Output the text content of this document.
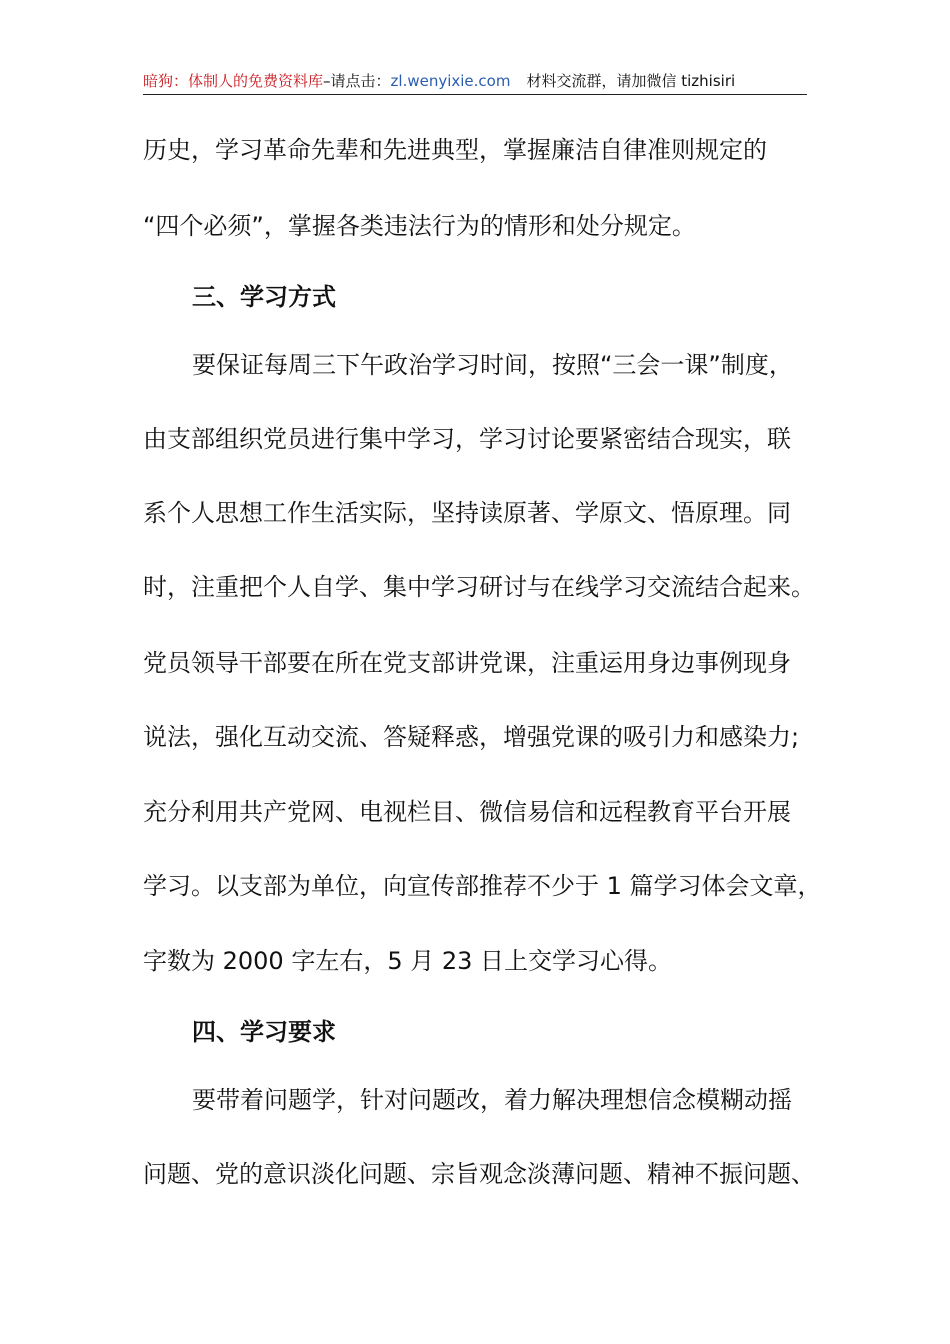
暗狗：体制人的免费资料库–请点击：zl.wenyixie.com 材料交流群，请加微信 tizhisiri
历史，学习革命先辈和先进典型，掌握廉洁自律准则规定的
“四个必须”，掌握各类违法行为的情形和处分规定。
三、学习方式
要保证每周三下午政治学习时间，按照“三会一课”制度，
由支部组织党员进行集中学习，学习讨论要紧密结合现实，联
系个人思想工作生活实际，坚持读原著、学原文、悟原理。同
时，注重把个人自学、集中学习研讨与在线学习交流结合起来。
党员领导干部要在所在党支部讲党课，注重运用身边事例现身
说法，强化互动交流、答疑释惑，增强党课的吸引力和感染力;
充分利用共产党网、电视栏目、微信易信和远程教育平台开展
学习。以支部为单位，向宣传部推荐不少于 1 篇学习体会文章，
字数为 2000 字左右，5 月 23 日上交学习心得。
四、学习要求
要带着问题学，针对问题改，着力解决理想信念模糊动摇
问题、党的意识淡化问题、宗旨观念淡薄问题、精神不振问题、
